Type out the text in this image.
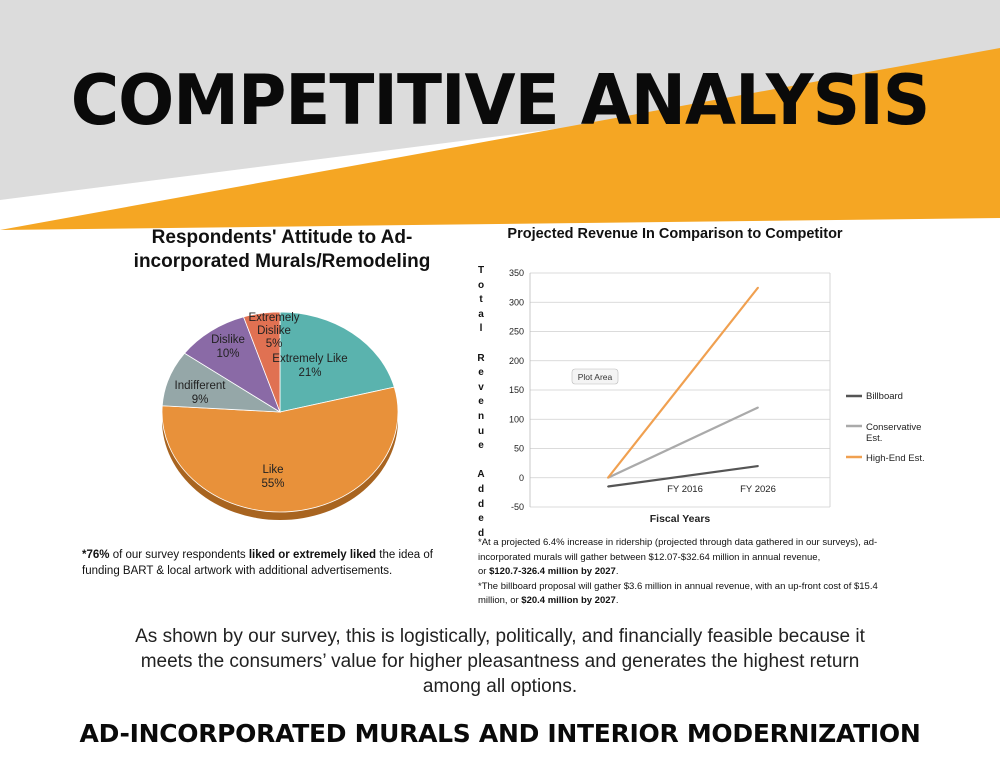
COMPETITIVE ANALYSIS
Respondents' Attitude to Ad-
incorporated Murals/Remodeling
Extremely Like
21%
Like
55%
Indifferent
9%
Dislike
10%
Extremely
Dislike
5%

*76% of our survey respondents liked or extremely liked the idea of funding BART & local artwork with additional advertisements.

Projected Revenue In Comparison to Competitor
T
o
t
a
l

R
e
v
e
n
u
e

A
d
d
e
d
-50
0
50
100
150
200
250
300
350
FY 2016	FY 2026
Fiscal Years
Plot Area
Billboard
Conservative
Est.
High-End Est.

*At a projected 6.4% increase in ridership (projected through data gathered in our surveys), ad-incorporated murals will gather between $12.07-$32.64 million in annual revenue,

or $120.7-326.4 million by 2027.

*The billboard proposal will gather $3.6 million in annual revenue, with an up-front cost of $15.4 million, or $20.4 million by 2027.

As shown by our survey, this is logistically, politically, and financially feasible because it meets the consumers’ value for higher pleasantness and generates the highest return among all options.

AD-INCORPORATED MURALS AND INTERIOR MODERNIZATION
